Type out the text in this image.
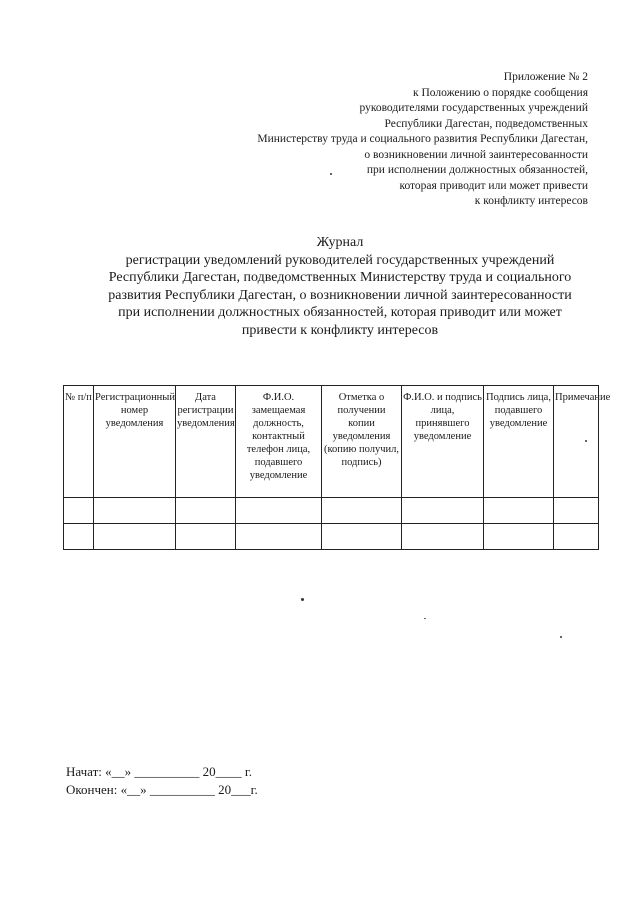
Приложение № 2
к Положению о порядке сообщения
руководителями государственных учреждений
Республики Дагестан, подведомственных
Министерству труда и социального развития Республики Дагестан,
о возникновении личной заинтересованности
при исполнении должностных обязанностей,
которая приводит или может привести
к конфликту интересов
Журнал
регистрации уведомлений руководителей государственных учреждений
Республики Дагестан, подведомственных Министерству труда и социального
развития Республики Дагестан, о возникновении личной заинтересованности
при исполнении должностных обязанностей, которая приводит или может
привести к конфликту интересов
№ п/п	Регистрационный номер уведомления	Дата регистрации уведомления	Ф.И.О. замещаемая должность, контактный телефон лица, подавшего уведомление	Отметка о получении копии уведомления (копию получил, подпись)	Ф.И.О. и подпись лица, принявшего уведомление	Подпись лица, подавшего уведомление	Примечание

Начат: «__» __________ 20____ г.
Окончен: «__» __________ 20___г.
